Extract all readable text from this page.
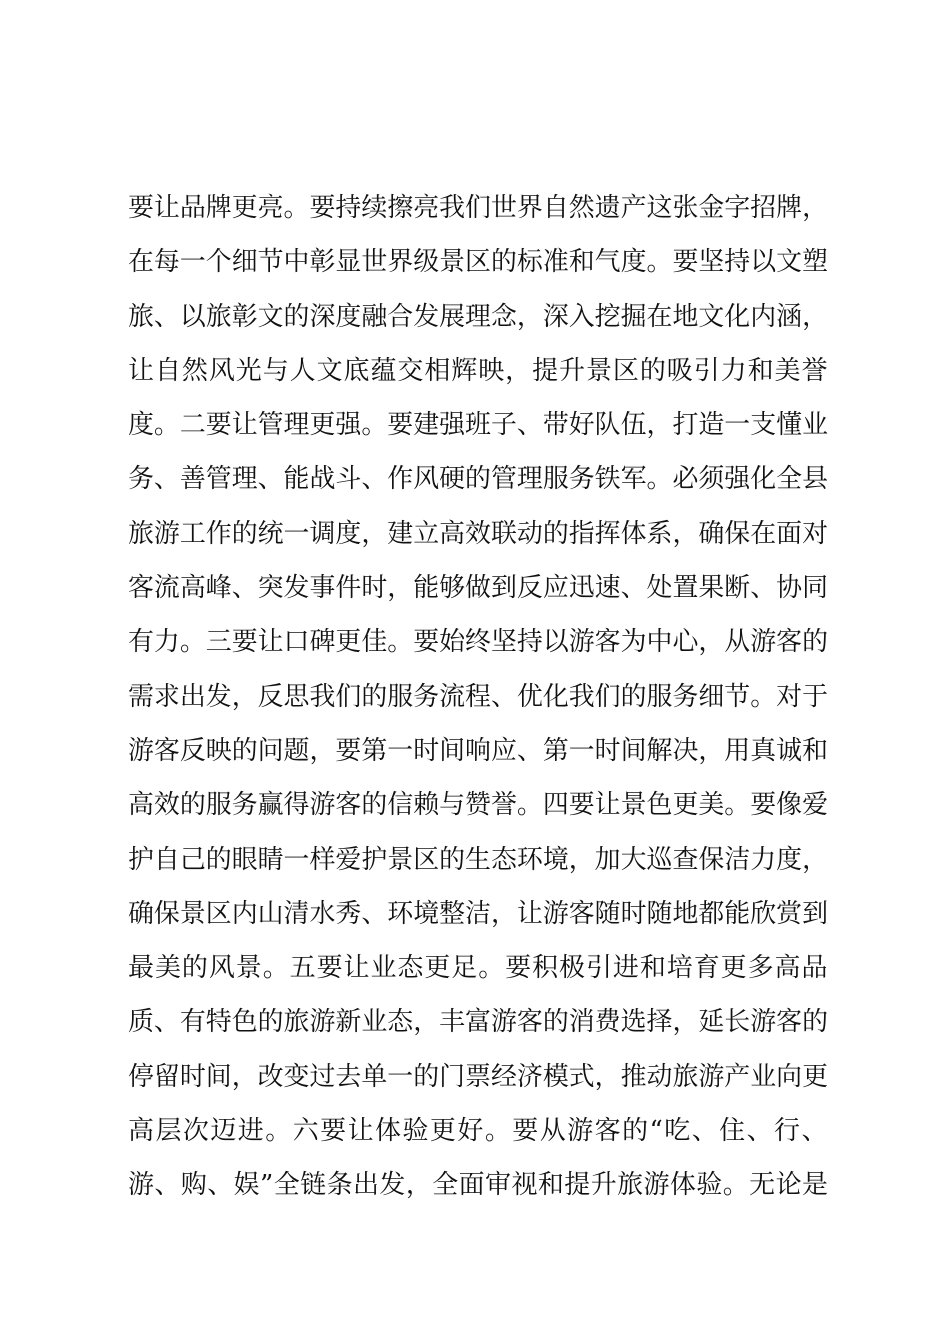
要让品牌更亮。要持续擦亮我们世界自然遗产这张金字招牌，
在每一个细节中彰显世界级景区的标准和气度。要坚持以文塑
旅、以旅彰文的深度融合发展理念，深入挖掘在地文化内涵，
让自然风光与人文底蕴交相辉映，提升景区的吸引力和美誉
度。二要让管理更强。要建强班子、带好队伍，打造一支懂业
务、善管理、能战斗、作风硬的管理服务铁军。必须强化全县
旅游工作的统一调度，建立高效联动的指挥体系，确保在面对
客流高峰、突发事件时，能够做到反应迅速、处置果断、协同
有力。三要让口碑更佳。要始终坚持以游客为中心，从游客的
需求出发，反思我们的服务流程、优化我们的服务细节。对于
游客反映的问题，要第一时间响应、第一时间解决，用真诚和
高效的服务赢得游客的信赖与赞誉。四要让景色更美。要像爱
护自己的眼睛一样爱护景区的生态环境，加大巡查保洁力度，
确保景区内山清水秀、环境整洁，让游客随时随地都能欣赏到
最美的风景。五要让业态更足。要积极引进和培育更多高品
质、有特色的旅游新业态，丰富游客的消费选择，延长游客的
停留时间，改变过去单一的门票经济模式，推动旅游产业向更
高层次迈进。六要让体验更好。要从游客的“吃、住、行、
游、购、娱”全链条出发，全面审视和提升旅游体验。无论是
